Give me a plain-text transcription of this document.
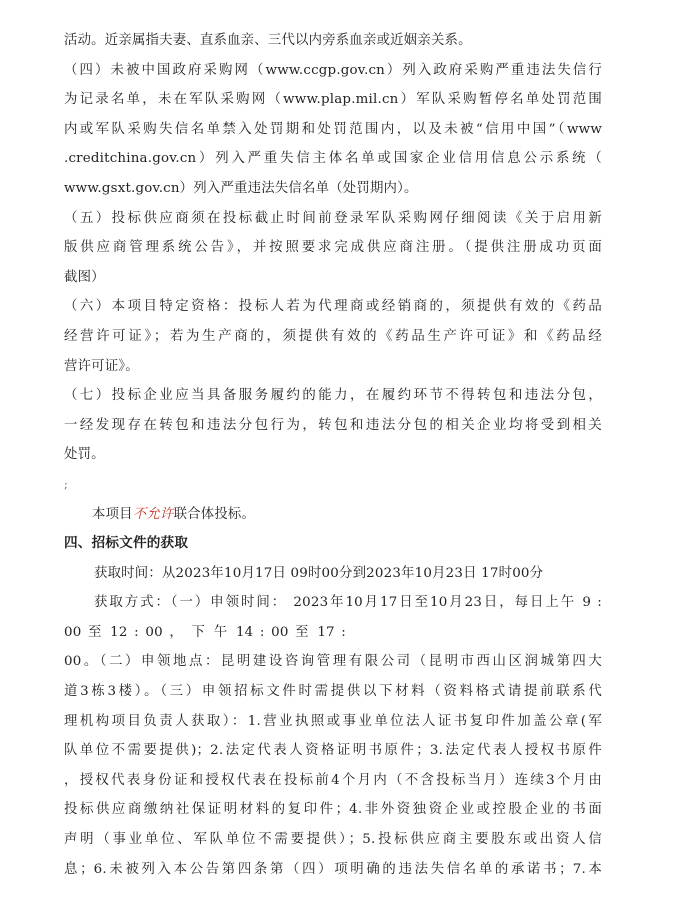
活动。近亲属指夫妻、直系血亲、三代以内旁系血亲或近姻亲关系。
（四）未被中国政府采购网（www.ccgp.gov.cn）列入政府采购严重违法失信行
为记录名单，未在军队采购网（www.plap.mil.cn）军队采购暂停名单处罚范围
内或军队采购失信名单禁入处罚期和处罚范围内，以及未被“信用中国”（www
.creditchina.gov.cn）列入严重失信主体名单或国家企业信用信息公示系统（
www.gsxt.gov.cn）列入严重违法失信名单（处罚期内）。
（五）投标供应商须在投标截止时间前登录军队采购网仔细阅读《关于启用新
版供应商管理系统公告》，并按照要求完成供应商注册。（提供注册成功页面
截图）
（六）本项目特定资格：投标人若为代理商或经销商的，须提供有效的《药品
经营许可证》；若为生产商的，须提供有效的《药品生产许可证》和《药品经
营许可证》。
（七）投标企业应当具备服务履约的能力，在履约环节不得转包和违法分包，
一经发现存在转包和违法分包行为，转包和违法分包的相关企业均将受到相关
处罚。
;
本项目不允许联合体投标。
四、招标文件的获取
获取时间：从2023年10月17日 09时00分到2023年10月23日 17时00分
获取方式：（一）申领时间： 2023年10月17日至10月23日，每日上午 9 :
00 至 12 : 00 ， 下 午 14 : 00 至 17 :
00。（二）申领地点：昆明建设咨询管理有限公司（昆明市西山区润城第四大
道3栋3楼）。（三）申领招标文件时需提供以下材料（资料格式请提前联系代
理机构项目负责人获取）：1.营业执照或事业单位法人证书复印件加盖公章(军
队单位不需要提供)；2.法定代表人资格证明书原件；3.法定代表人授权书原件
，授权代表身份证和授权代表在投标前4个月内（不含投标当月）连续3个月由
投标供应商缴纳社保证明材料的复印件；4.非外资独资企业或控股企业的书面
声明（事业单位、军队单位不需要提供）；5.投标供应商主要股东或出资人信
息；6.未被列入本公告第四条第（四）项明确的违法失信名单的承诺书；7.本
